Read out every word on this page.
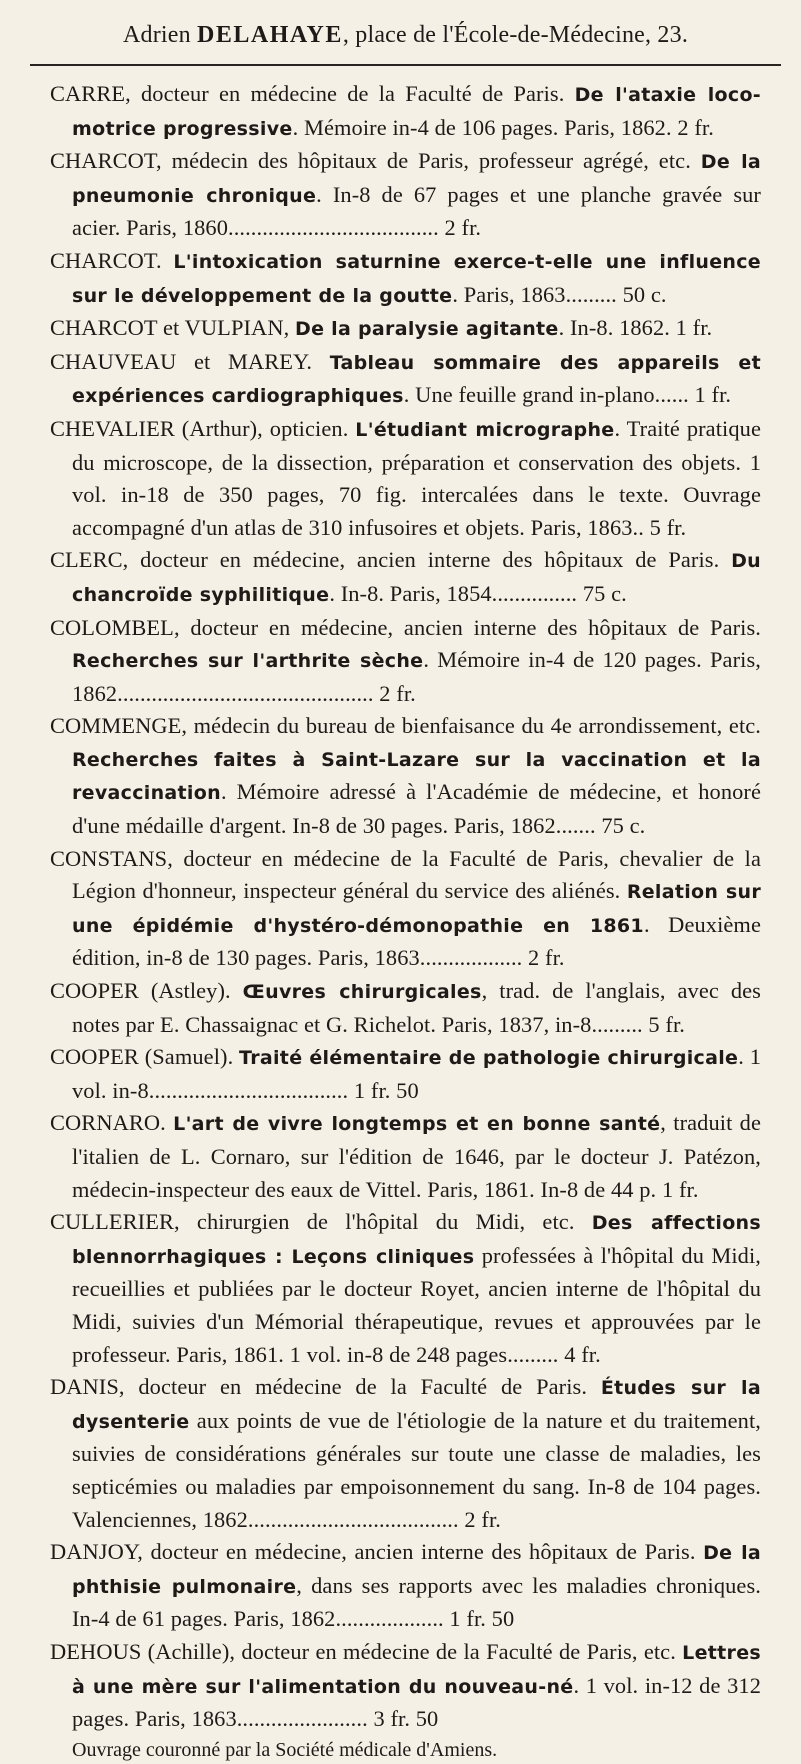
Adrien DELAHAYE, place de l'École-de-Médecine, 23.
CARRE, docteur en médecine de la Faculté de Paris. De l'ataxie loco-motrice progressive. Mémoire in-4 de 106 pages. Paris, 1862. 2 fr.
CHARCOT, médecin des hôpitaux de Paris, professeur agrégé, etc. De la pneumonie chronique. In-8 de 67 pages et une planche gravée sur acier. Paris, 1860..................................... 2 fr.
CHARCOT. L'intoxication saturnine exerce-t-elle une influence sur le développement de la goutte. Paris, 1863......... 50 c.
CHARCOT et VULPIAN, De la paralysie agitante. In-8. 1862. 1 fr.
CHAUVEAU et MAREY. Tableau sommaire des appareils et expériences cardiographiques. Une feuille grand in-plano...... 1 fr.
CHEVALIER (Arthur), opticien. L'étudiant micrographe. Traité pratique du microscope, de la dissection, préparation et conservation des objets. 1 vol. in-18 de 350 pages, 70 fig. intercalées dans le texte. Ouvrage accompagné d'un atlas de 310 infusoires et objets. Paris, 1863.. 5 fr.
CLERC, docteur en médecine, ancien interne des hôpitaux de Paris. Du chancroïde syphilitique. In-8. Paris, 1854............... 75 c.
COLOMBEL, docteur en médecine, ancien interne des hôpitaux de Paris. Recherches sur l'arthrite sèche. Mémoire in-4 de 120 pages. Paris, 1862............................................. 2 fr.
COMMENGE, médecin du bureau de bienfaisance du 4e arrondissement, etc. Recherches faites à Saint-Lazare sur la vaccination et la revaccination. Mémoire adressé à l'Académie de médecine, et honoré d'une médaille d'argent. In-8 de 30 pages. Paris, 1862....... 75 c.
CONSTANS, docteur en médecine de la Faculté de Paris, chevalier de la Légion d'honneur, inspecteur général du service des aliénés. Relation sur une épidémie d'hystéro-démonopathie en 1861. Deuxième édition, in-8 de 130 pages. Paris, 1863.................. 2 fr.
COOPER (Astley). Œuvres chirurgicales, trad. de l'anglais, avec des notes par E. Chassaignac et G. Richelot. Paris, 1837, in-8......... 5 fr.
COOPER (Samuel). Traité élémentaire de pathologie chirurgicale. 1 vol. in-8................................... 1 fr. 50
CORNARO. L'art de vivre longtemps et en bonne santé, traduit de l'italien de L. Cornaro, sur l'édition de 1646, par le docteur J. Patézon, médecin-inspecteur des eaux de Vittel. Paris, 1861. In-8 de 44 p. 1 fr.
CULLERIER, chirurgien de l'hôpital du Midi, etc. Des affections blennorrhagiques : Leçons cliniques professées à l'hôpital du Midi, recueillies et publiées par le docteur Royet, ancien interne de l'hôpital du Midi, suivies d'un Mémorial thérapeutique, revues et approuvées par le professeur. Paris, 1861. 1 vol. in-8 de 248 pages......... 4 fr.
DANIS, docteur en médecine de la Faculté de Paris. Études sur la dysenterie aux points de vue de l'étiologie de la nature et du traitement, suivies de considérations générales sur toute une classe de maladies, les septicémies ou maladies par empoisonnement du sang. In-8 de 104 pages. Valenciennes, 1862..................................... 2 fr.
DANJOY, docteur en médecine, ancien interne des hôpitaux de Paris. De la phthisie pulmonaire, dans ses rapports avec les maladies chroniques. In-4 de 61 pages. Paris, 1862................... 1 fr. 50
DEHOUS (Achille), docteur en médecine de la Faculté de Paris, etc. Lettres à une mère sur l'alimentation du nouveau-né. 1 vol. in-12 de 312 pages. Paris, 1863....................... 3 fr. 50
Ouvrage couronné par la Société médicale d'Amiens.
